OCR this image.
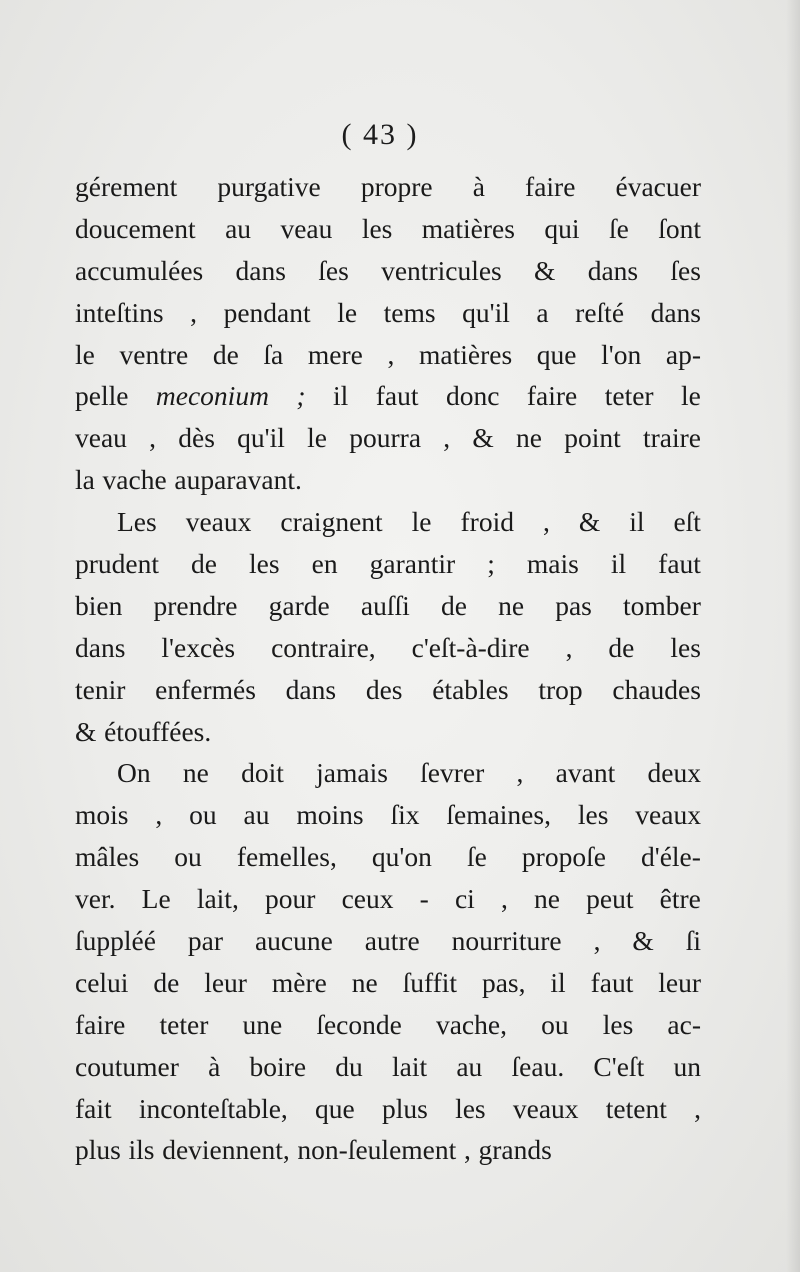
( 43 )
gérement purgative propre à faire évacuer
doucement au veau les matières qui ſe ſont
accumulées dans ſes ventricules & dans ſes
inteſtins , pendant le tems qu'il a reſté dans
le ventre de ſa mere , matières que l'on ap-
pelle meconium ; il faut donc faire teter le
veau , dès qu'il le pourra , & ne point traire
la vache auparavant.
Les veaux craignent le froid , & il eſt
prudent de les en garantir ; mais il faut
bien prendre garde auſſi de ne pas tomber
dans l'excès contraire, c'eſt-à-dire , de les
tenir enfermés dans des étables trop chaudes
& étouffées.
On ne doit jamais ſevrer , avant deux
mois , ou au moins ſix ſemaines, les veaux
mâles ou femelles, qu'on ſe propoſe d'éle-
ver. Le lait, pour ceux - ci , ne peut être
ſuppléé par aucune autre nourriture , & ſi
celui de leur mère ne ſuffit pas, il faut leur
faire teter une ſeconde vache, ou les ac-
coutumer à boire du lait au ſeau. C'eſt un
fait inconteſtable, que plus les veaux tetent ,
plus ils deviennent, non-ſeulement , grands
